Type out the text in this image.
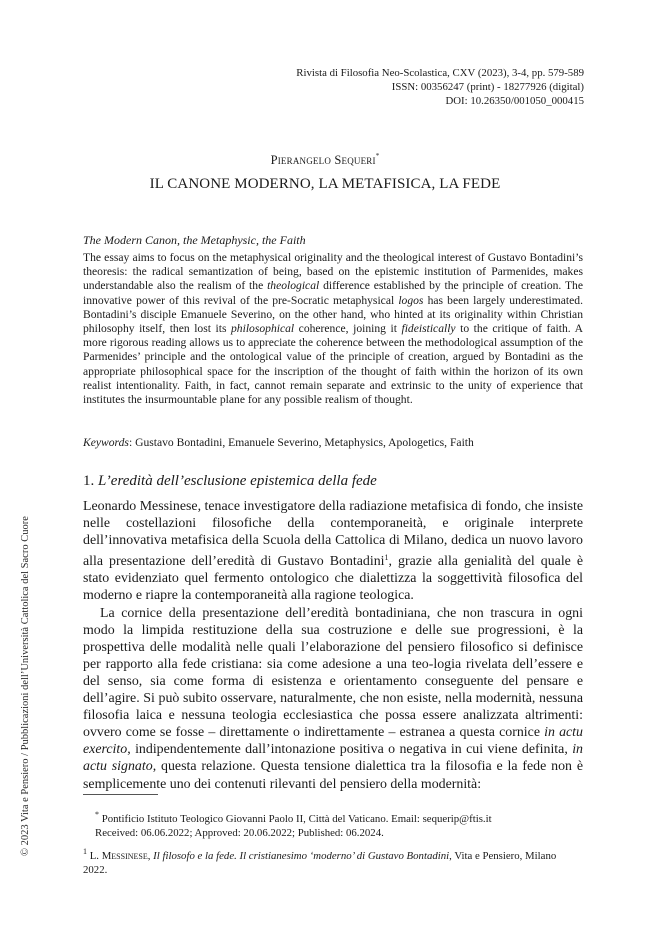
© 2023 Vita e Pensiero / Pubblicazioni dell’Università Cattolica del Sacro Cuore
Rivista di Filosofia Neo-Scolastica, CXV (2023), 3-4, pp. 579-589
ISSN: 00356247 (print) - 18277926 (digital)
DOI: 10.26350/001050_000415
Pierangelo Sequeri*
IL CANONE MODERNO, LA METAFISICA, LA FEDE
The Modern Canon, the Metaphysic, the Faith

The essay aims to focus on the metaphysical originality and the theological interest of Gustavo Bontadini’s theoresis: the radical semantization of being, based on the epistemic institution of Parmenides, makes understandable also the realism of the theological difference established by the principle of creation. The innovative power of this revival of the pre-Socratic metaphysical logos has been largely underestimated. Bontadini’s disciple Emanuele Severino, on the other hand, who hinted at its originality within Christian philosophy itself, then lost its philosophical coherence, joining it fideistically to the critique of faith. A more rigorous reading allows us to appreciate the coherence between the methodological assumption of the Parmenides’ principle and the ontological value of the principle of creation, argued by Bontadini as the appropriate philosophical space for the inscription of the thought of faith within the horizon of its own realist intentionality. Faith, in fact, cannot remain separate and extrinsic to the unity of experience that institutes the insurmountable plane for any possible realism of thought.

Keywords: Gustavo Bontadini, Emanuele Severino, Metaphysics, Apologetics, Faith
1. L’eredità dell’esclusione epistemica della fede

Leonardo Messinese, tenace investigatore della radiazione metafisica di fondo, che insiste nelle costellazioni filosofiche della contemporaneità, e originale interprete dell’innovativa metafisica della Scuola della Cattolica di Milano, dedica un nuovo lavoro alla presentazione dell’eredità di Gustavo Bontadini$^1$, grazie alla genialità del quale è stato evidenziato quel fermento ontologico che dialettizza la soggettività filosofica del moderno e riapre la contemporaneità alla ragione teologica.

La cornice della presentazione dell’eredità bontadiniana, che non trascura in ogni modo la limpida restituzione della sua costruzione e delle sue progressioni, è la prospettiva delle modalità nelle quali l’elaborazione del pensiero filosofico si definisce per rapporto alla fede cristiana: sia come adesione a una teo-logia rivelata dell’essere e del senso, sia come forma di esistenza e orientamento conseguente del pensare e dell’agire. Si può subito osservare, naturalmente, che non esiste, nella modernità, nessuna filosofia laica e nessuna teologia ecclesiastica che possa essere analizzata altrimenti: ovvero come se fosse – direttamente o indirettamente – estranea a questa cornice in actu exercito, indipendentemente dall’intonazione positiva o negativa in cui viene definita, in actu signato, questa relazione. Questa tensione dialettica tra la filosofia e la fede non è semplicemente uno dei contenuti rilevanti del pensiero della modernità:

* Pontificio Istituto Teologico Giovanni Paolo II, Città del Vaticano. Email: sequerip@ftis.it
Received: 06.06.2022; Approved: 20.06.2022; Published: 06.2024.
$^1$ L. Messinese, Il filosofo e la fede. Il cristianesimo ‘moderno’ di Gustavo Bontadini, Vita e Pensiero, Milano 2022.
